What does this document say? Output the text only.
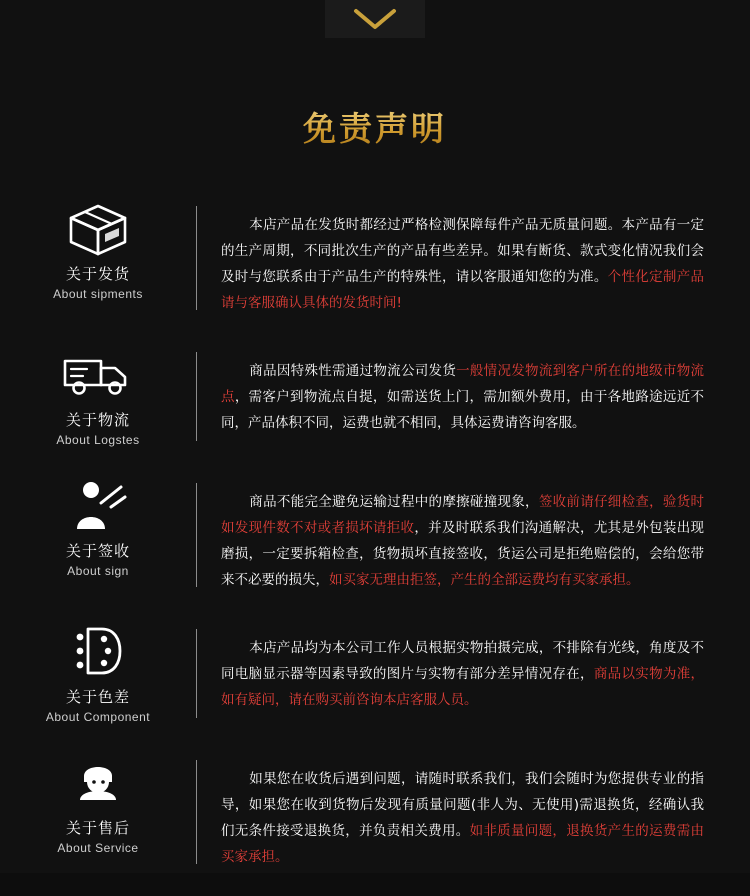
免责声明
关于发货
About sipments
本店产品在发货时都经过严格检测保障每件产品无质量问题。本产品有一定的生产周期，不同批次生产的产品有些差异。如果有断货、款式变化情况我们会及时与您联系由于产品生产的特殊性，请以客服通知您的为准。个性化定制产品请与客服确认具体的发货时间!
关于物流
About Logstes
商品因特殊性需通过物流公司发货一般情况发物流到客户所在的地级市物流点，需客户到物流点自提，如需送货上门，需加额外费用，由于各地路途远近不同，产品体积不同，运费也就不相同，具体运费请咨询客服。
关于签收
About sign
商品不能完全避免运输过程中的摩擦碰撞现象，签收前请仔细检查，验货时如发现件数不对或者损坏请拒收，并及时联系我们沟通解决，尤其是外包装出现磨损，一定要拆箱检查，货物损坏直接签收，货运公司是拒绝赔偿的，会给您带来不必要的损失，如买家无理由拒签，产生的全部运费均有买家承担。
关于色差
About Component
本店产品均为本公司工作人员根据实物拍摄完成，不排除有光线，角度及不同电脑显示器等因素导致的图片与实物有部分差异情况存在，商品以实物为准，如有疑问，请在购买前咨询本店客服人员。
关于售后
About Service
如果您在收货后遇到问题，请随时联系我们，我们会随时为您提供专业的指导，如果您在收到货物后发现有质量问题(非人为、无使用)需退换货，经确认我们无条件接受退换货，并负责相关费用。如非质量问题，退换货产生的运费需由买家承担。
